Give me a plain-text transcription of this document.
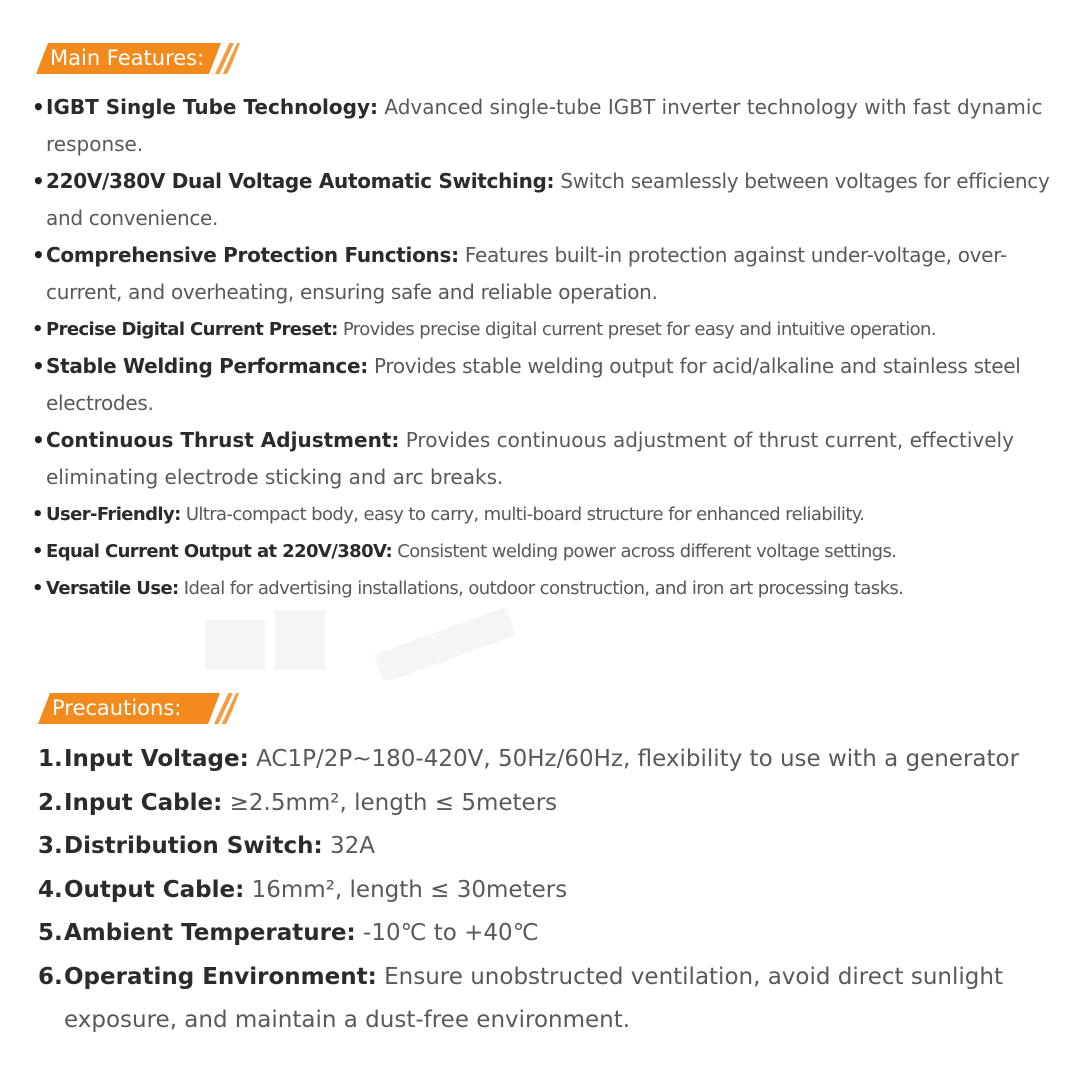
Main Features:
• IGBT Single Tube Technology: Advanced single-tube IGBT inverter technology with fast dynamic response.
• 220V/380V Dual Voltage Automatic Switching: Switch seamlessly between voltages for efficiency and convenience.
• Comprehensive Protection Functions: Features built-in protection against under-voltage, over-current, and overheating, ensuring safe and reliable operation.
• Precise Digital Current Preset: Provides precise digital current preset for easy and intuitive operation.
• Stable Welding Performance: Provides stable welding output for acid/alkaline and stainless steel electrodes.
• Continuous Thrust Adjustment: Provides continuous adjustment of thrust current, effectively eliminating electrode sticking and arc breaks.
• User-Friendly: Ultra-compact body, easy to carry, multi-board structure for enhanced reliability.
• Equal Current Output at 220V/380V: Consistent welding power across different voltage settings.
• Versatile Use: Ideal for advertising installations, outdoor construction, and iron art processing tasks.
Precautions:
1. Input Voltage: AC1P/2P~180-420V, 50Hz/60Hz, flexibility to use with a generator
2. Input Cable: ≥2.5mm², length ≤ 5meters
3. Distribution Switch: 32A
4. Output Cable: 16mm², length ≤ 30meters
5. Ambient Temperature: -10℃ to +40℃
6. Operating Environment: Ensure unobstructed ventilation, avoid direct sunlight exposure, and maintain a dust-free environment.
